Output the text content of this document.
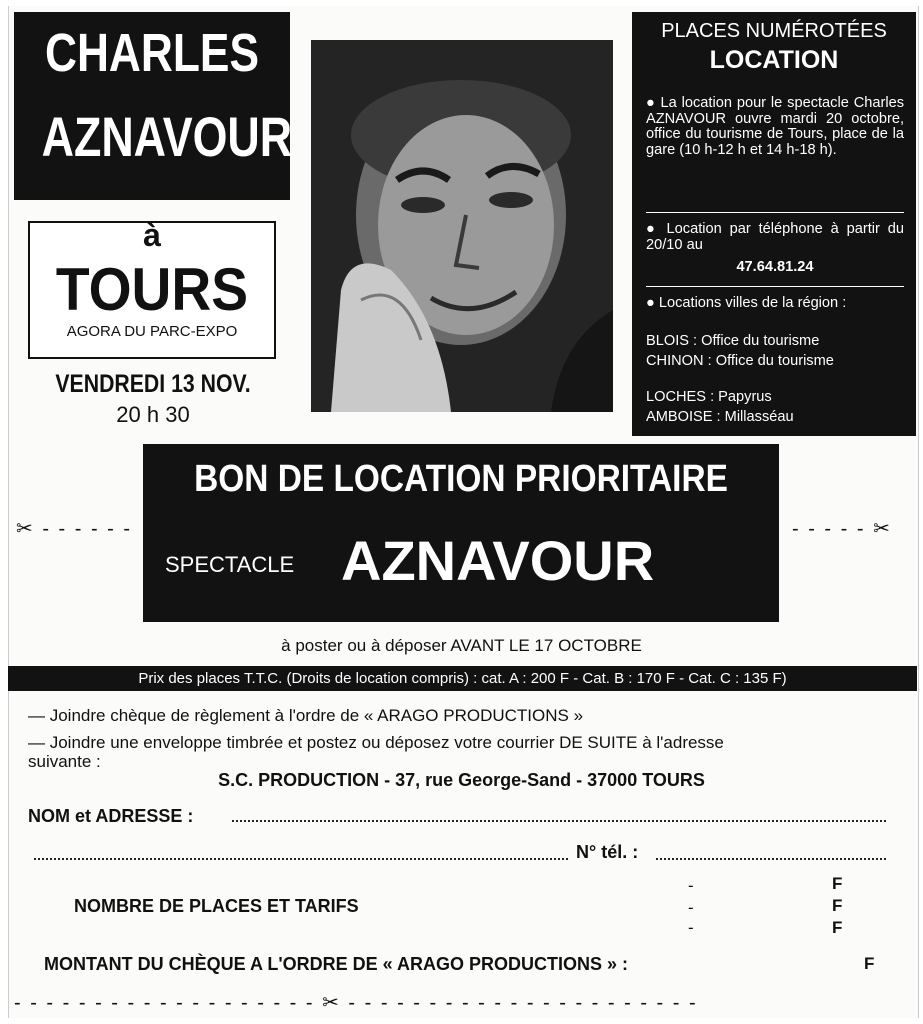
CHARLES
AZNAVOUR
à
TOURS
AGORA DU PARC-EXPO
VENDREDI 13 NOV.
20 h 30
PLACES NUMÉROTÉES
LOCATION
● La location pour le spectacle Charles AZNAVOUR ouvre mardi 20 octobre, office du tourisme de Tours, place de la gare (10 h-12 h et 14 h-18 h).
● Location par téléphone à partir du 20/10 au
47.64.81.24
● Locations villes de la région :
BLOIS : Office du tourisme
CHINON : Office du tourisme
LOCHES : Papyrus
AMBOISE : Millasséau
✂ - - - - - -	- - - - - ✂
BON DE LOCATION PRIORITAIRE
SPECTACLE AZNAVOUR
à poster ou à déposer AVANT LE 17 OCTOBRE
Prix des places T.T.C. (Droits de location compris) : cat. A : 200 F - Cat. B : 170 F - Cat. C : 135 F)
— Joindre chèque de règlement à l'ordre de « ARAGO PRODUCTIONS »
— Joindre une enveloppe timbrée et postez ou déposez votre courrier DE SUITE à l'adresse
suivante :
S.C. PRODUCTION - 37, rue George-Sand - 37000 TOURS
NOM et ADRESSE :
N° tél. :
-	F
NOMBRE DE PLACES ET TARIFS	-	F
-	F
MONTANT DU CHÈQUE A L'ORDRE DE « ARAGO PRODUCTIONS » :	F
- - - - - - - - - - - - - - - - - - - ✂ - - - - - - - - - - - - - - - - - - - - - -
